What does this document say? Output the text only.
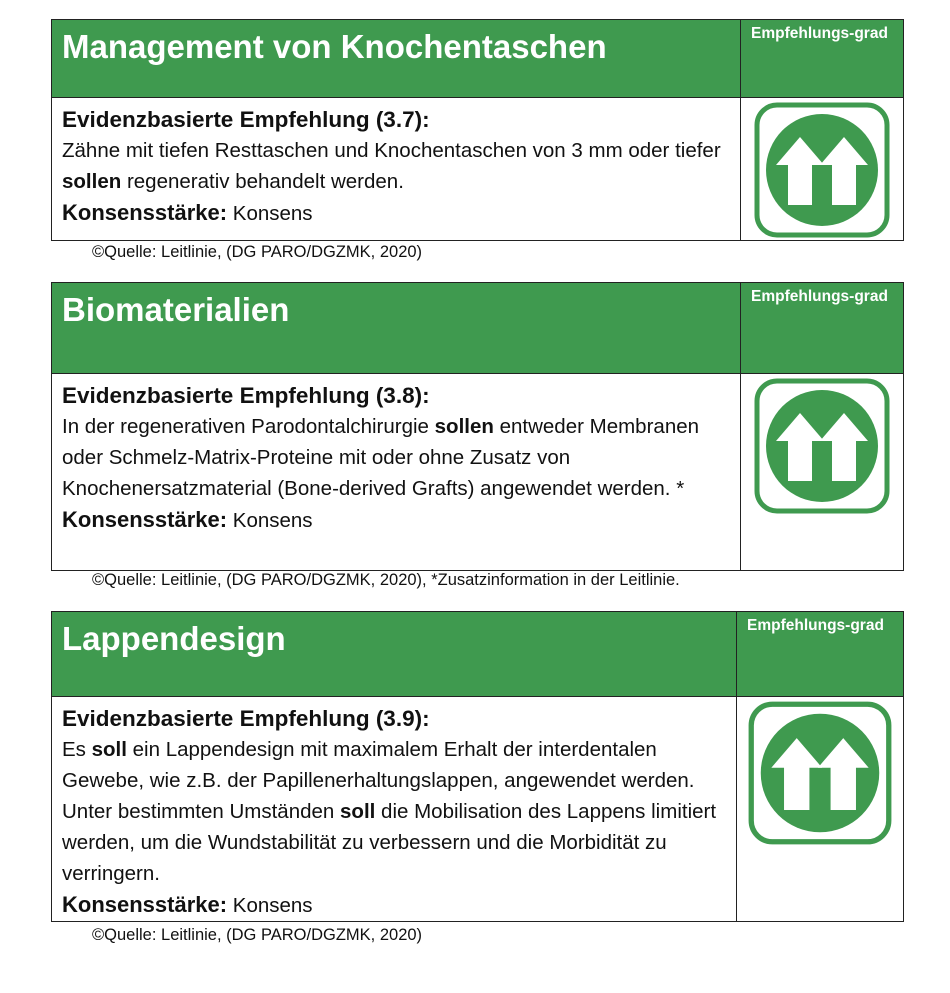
Management von Knochentaschen	Empfehlungs-grad
Evidenzbasierte Empfehlung (3.7):
Zähne mit tiefen Resttaschen und Knochentaschen von 3 mm oder tiefer sollen regenerativ behandelt werden.
Konsensstärke: Konsens
©Quelle: Leitlinie, (DG PARO/DGZMK, 2020)
Biomaterialien	Empfehlungs-grad
Evidenzbasierte Empfehlung (3.8):
In der regenerativen Parodontalchirurgie sollen entweder Membranen oder Schmelz-Matrix-Proteine mit oder ohne Zusatz von Knochenersatzmaterial (Bone-derived Grafts) angewendet werden. *
Konsensstärke: Konsens
©Quelle: Leitlinie, (DG PARO/DGZMK, 2020), *Zusatzinformation in der Leitlinie.
Lappendesign	Empfehlungs-grad
Evidenzbasierte Empfehlung (3.9):
Es soll ein Lappendesign mit maximalem Erhalt der interdentalen Gewebe, wie z.B. der Papillenerhaltungslappen, angewendet werden. Unter bestimmten Umständen soll die Mobilisation des Lappens limitiert werden, um die Wundstabilität zu verbessern und die Morbidität zu verringern.
Konsensstärke: Konsens
©Quelle: Leitlinie, (DG PARO/DGZMK, 2020)
